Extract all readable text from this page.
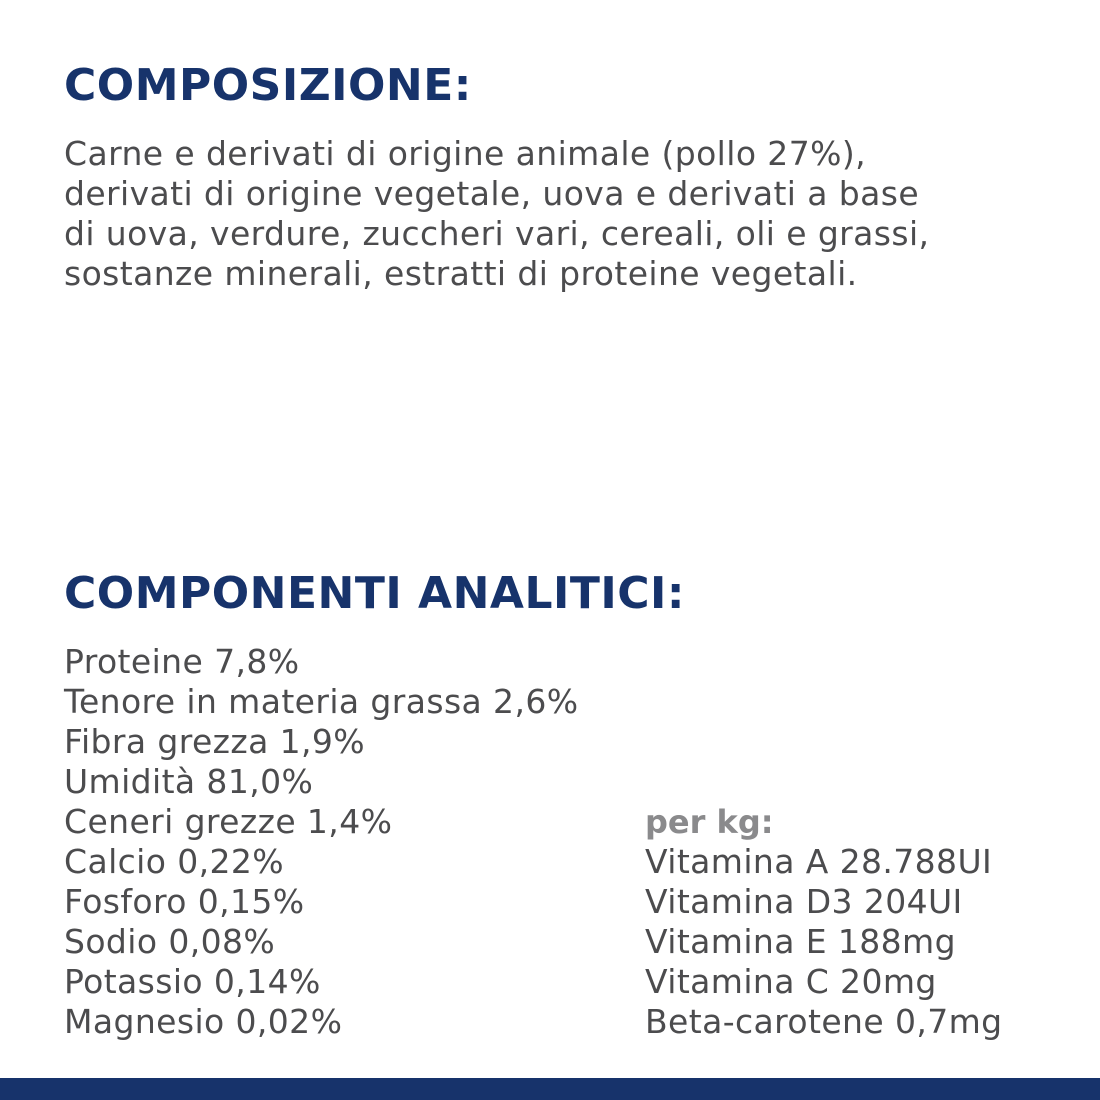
COMPOSIZIONE:

Carne e derivati di origine animale (pollo 27%),
derivati di origine vegetale, uova e derivati a base
di uova, verdure, zuccheri vari, cereali, oli e grassi,
sostanze minerali, estratti di proteine vegetali.

COMPONENTI ANALITICI:
Proteine 7,8%
Tenore in materia grassa 2,6%
Fibra grezza 1,9%
Umidità 81,0%
Ceneri grezze 1,4%
Calcio 0,22%
Fosforo 0,15%
Sodio 0,08%
Potassio 0,14%
Magnesio 0,02%
per kg:
Vitamina A 28.788UI
Vitamina D3 204UI
Vitamina E 188mg
Vitamina C 20mg
Beta-carotene 0,7mg
